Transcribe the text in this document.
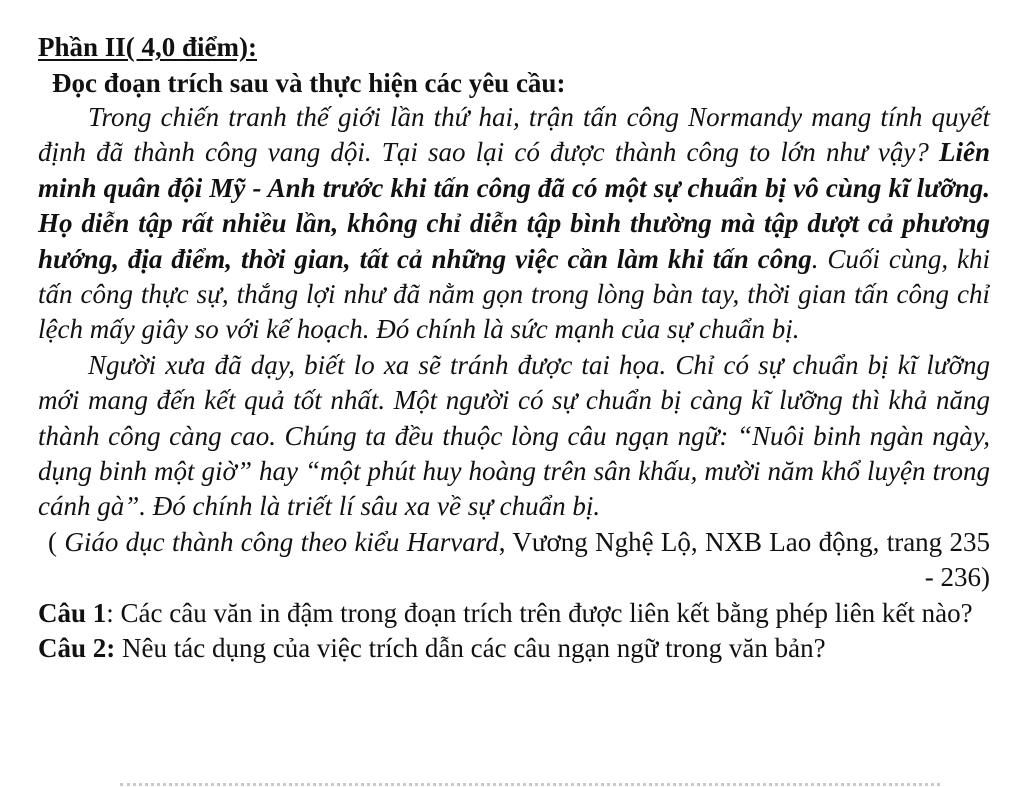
Phần II( 4,0 điểm):

Đọc đoạn trích sau và thực hiện các yêu cầu:

Trong chiến tranh thế giới lần thứ hai, trận tấn công Normandy mang tính quyết định đã thành công vang dội. Tại sao lại có được thành công to lớn như vậy? Liên minh quân đội Mỹ - Anh trước khi tấn công đã có một sự chuẩn bị vô cùng kĩ lưỡng. Họ diễn tập rất nhiều lần, không chỉ diễn tập bình thường mà tập dượt cả phương hướng, địa điểm, thời gian, tất cả những việc cần làm khi tấn công. Cuối cùng, khi tấn công thực sự, thắng lợi như đã nằm gọn trong lòng bàn tay, thời gian tấn công chỉ lệch mấy giây so với kế hoạch. Đó chính là sức mạnh của sự chuẩn bị.

Người xưa đã dạy, biết lo xa sẽ tránh được tai họa. Chỉ có sự chuẩn bị kĩ lưỡng mới mang đến kết quả tốt nhất. Một người có sự chuẩn bị càng kĩ lưỡng thì khả năng thành công càng cao. Chúng ta đều thuộc lòng câu ngạn ngữ: “Nuôi binh ngàn ngày, dụng binh một giờ” hay “một phút huy hoàng trên sân khấu, mười năm khổ luyện trong cánh gà”. Đó chính là triết lí sâu xa về sự chuẩn bị.

( Giáo dục thành công theo kiểu Harvard, Vương Nghệ Lộ, NXB Lao động, trang 235 - 236)

Câu 1: Các câu văn in đậm trong đoạn trích trên được liên kết bằng phép liên kết nào?

Câu 2: Nêu tác dụng của việc trích dẫn các câu ngạn ngữ trong văn bản?
